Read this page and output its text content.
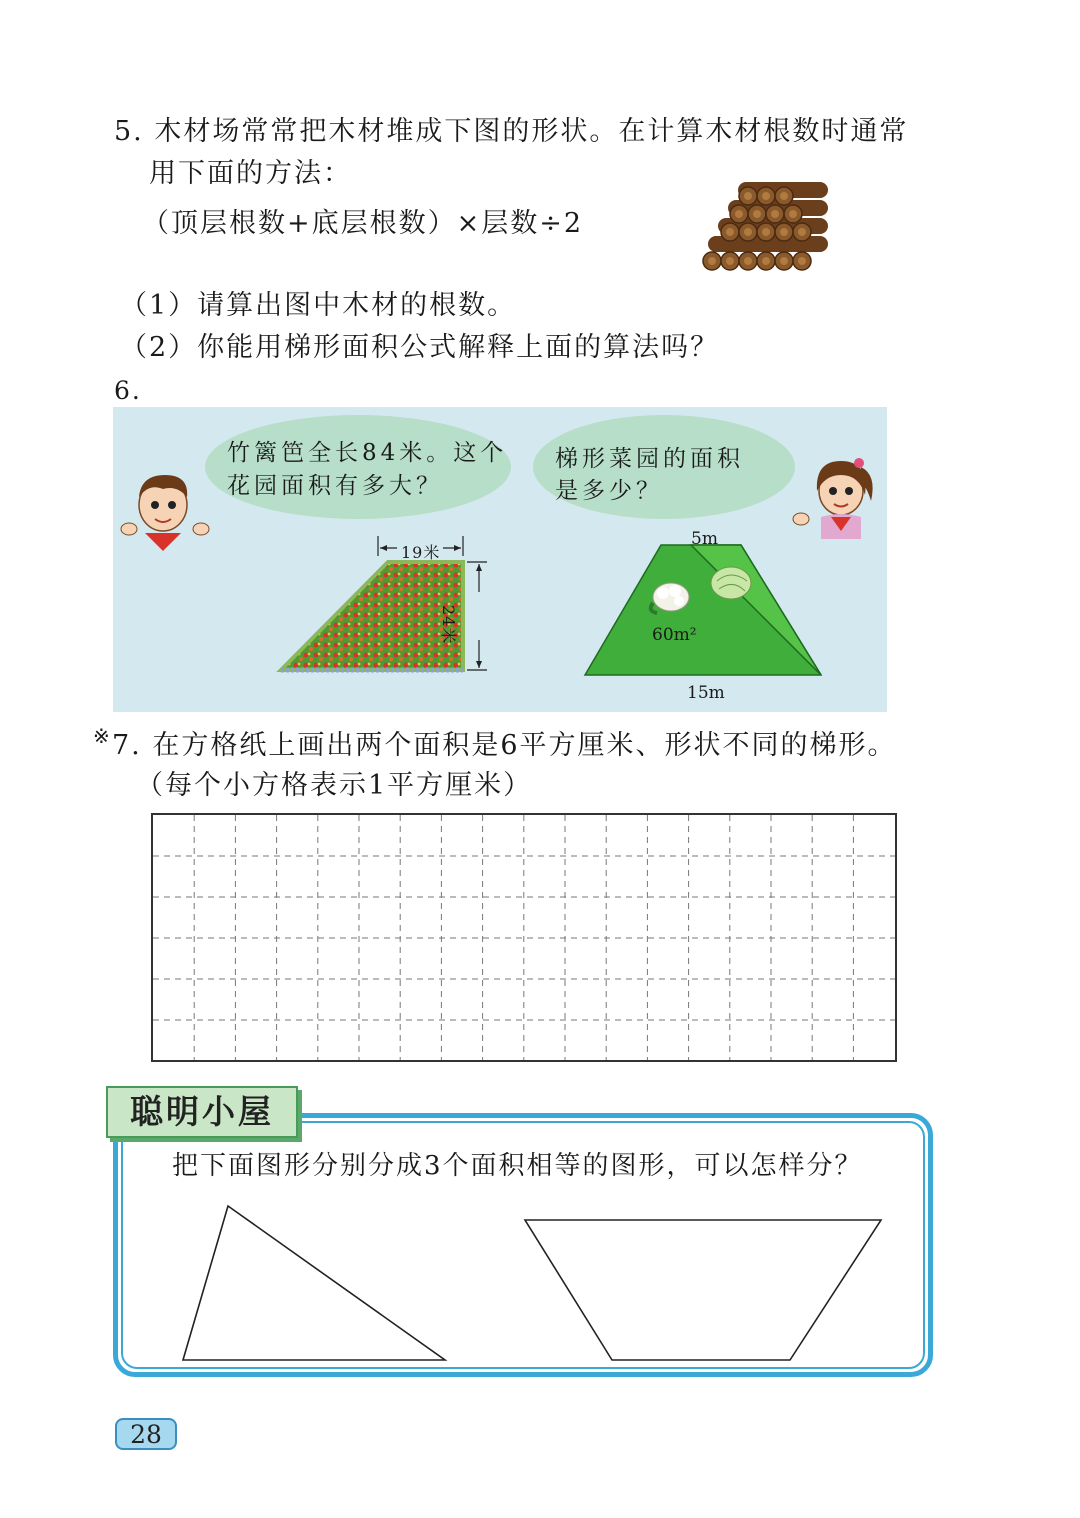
5. 木材场常常把木材堆成下图的形状。在计算木材根数时通常
用下面的方法：
（顶层根数+底层根数）×层数÷2
（1）请算出图中木材的根数。
（2）你能用梯形面积公式解释上面的算法吗？
6.
竹篱笆全长84米。这个
花园面积有多大？
梯形菜园的面积
是多少？
19米
24米
5m
60m²
15m
※ 7. 在方格纸上画出两个面积是6平方厘米、形状不同的梯形。
（每个小方格表示1平方厘米）
聪明小屋
把下面图形分别分成3个面积相等的图形，可以怎样分？
28
